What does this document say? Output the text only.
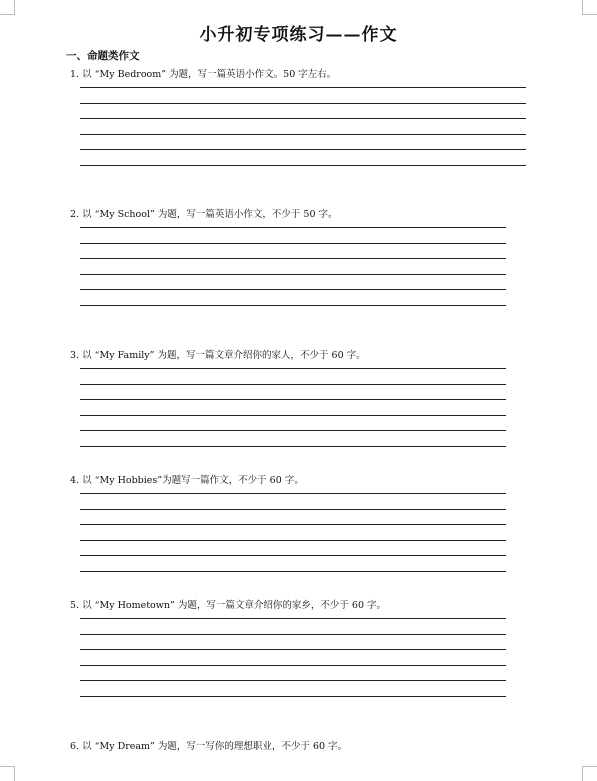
小升初专项练习——作文
一、命题类作文
1. 以 “My Bedroom” 为题，写一篇英语小作文。50 字左右。
2. 以 “My School” 为题，写一篇英语小作文，不少于 50 字。
3. 以 “My Family” 为题，写一篇文章介绍你的家人，不少于 60 字。
4. 以 “My Hobbies”为题写一篇作文，不少于 60 字。
5. 以 “My Hometown” 为题，写一篇文章介绍你的家乡，不少于 60 字。
6. 以 “My Dream” 为题，写一写你的理想职业，不少于 60 字。
